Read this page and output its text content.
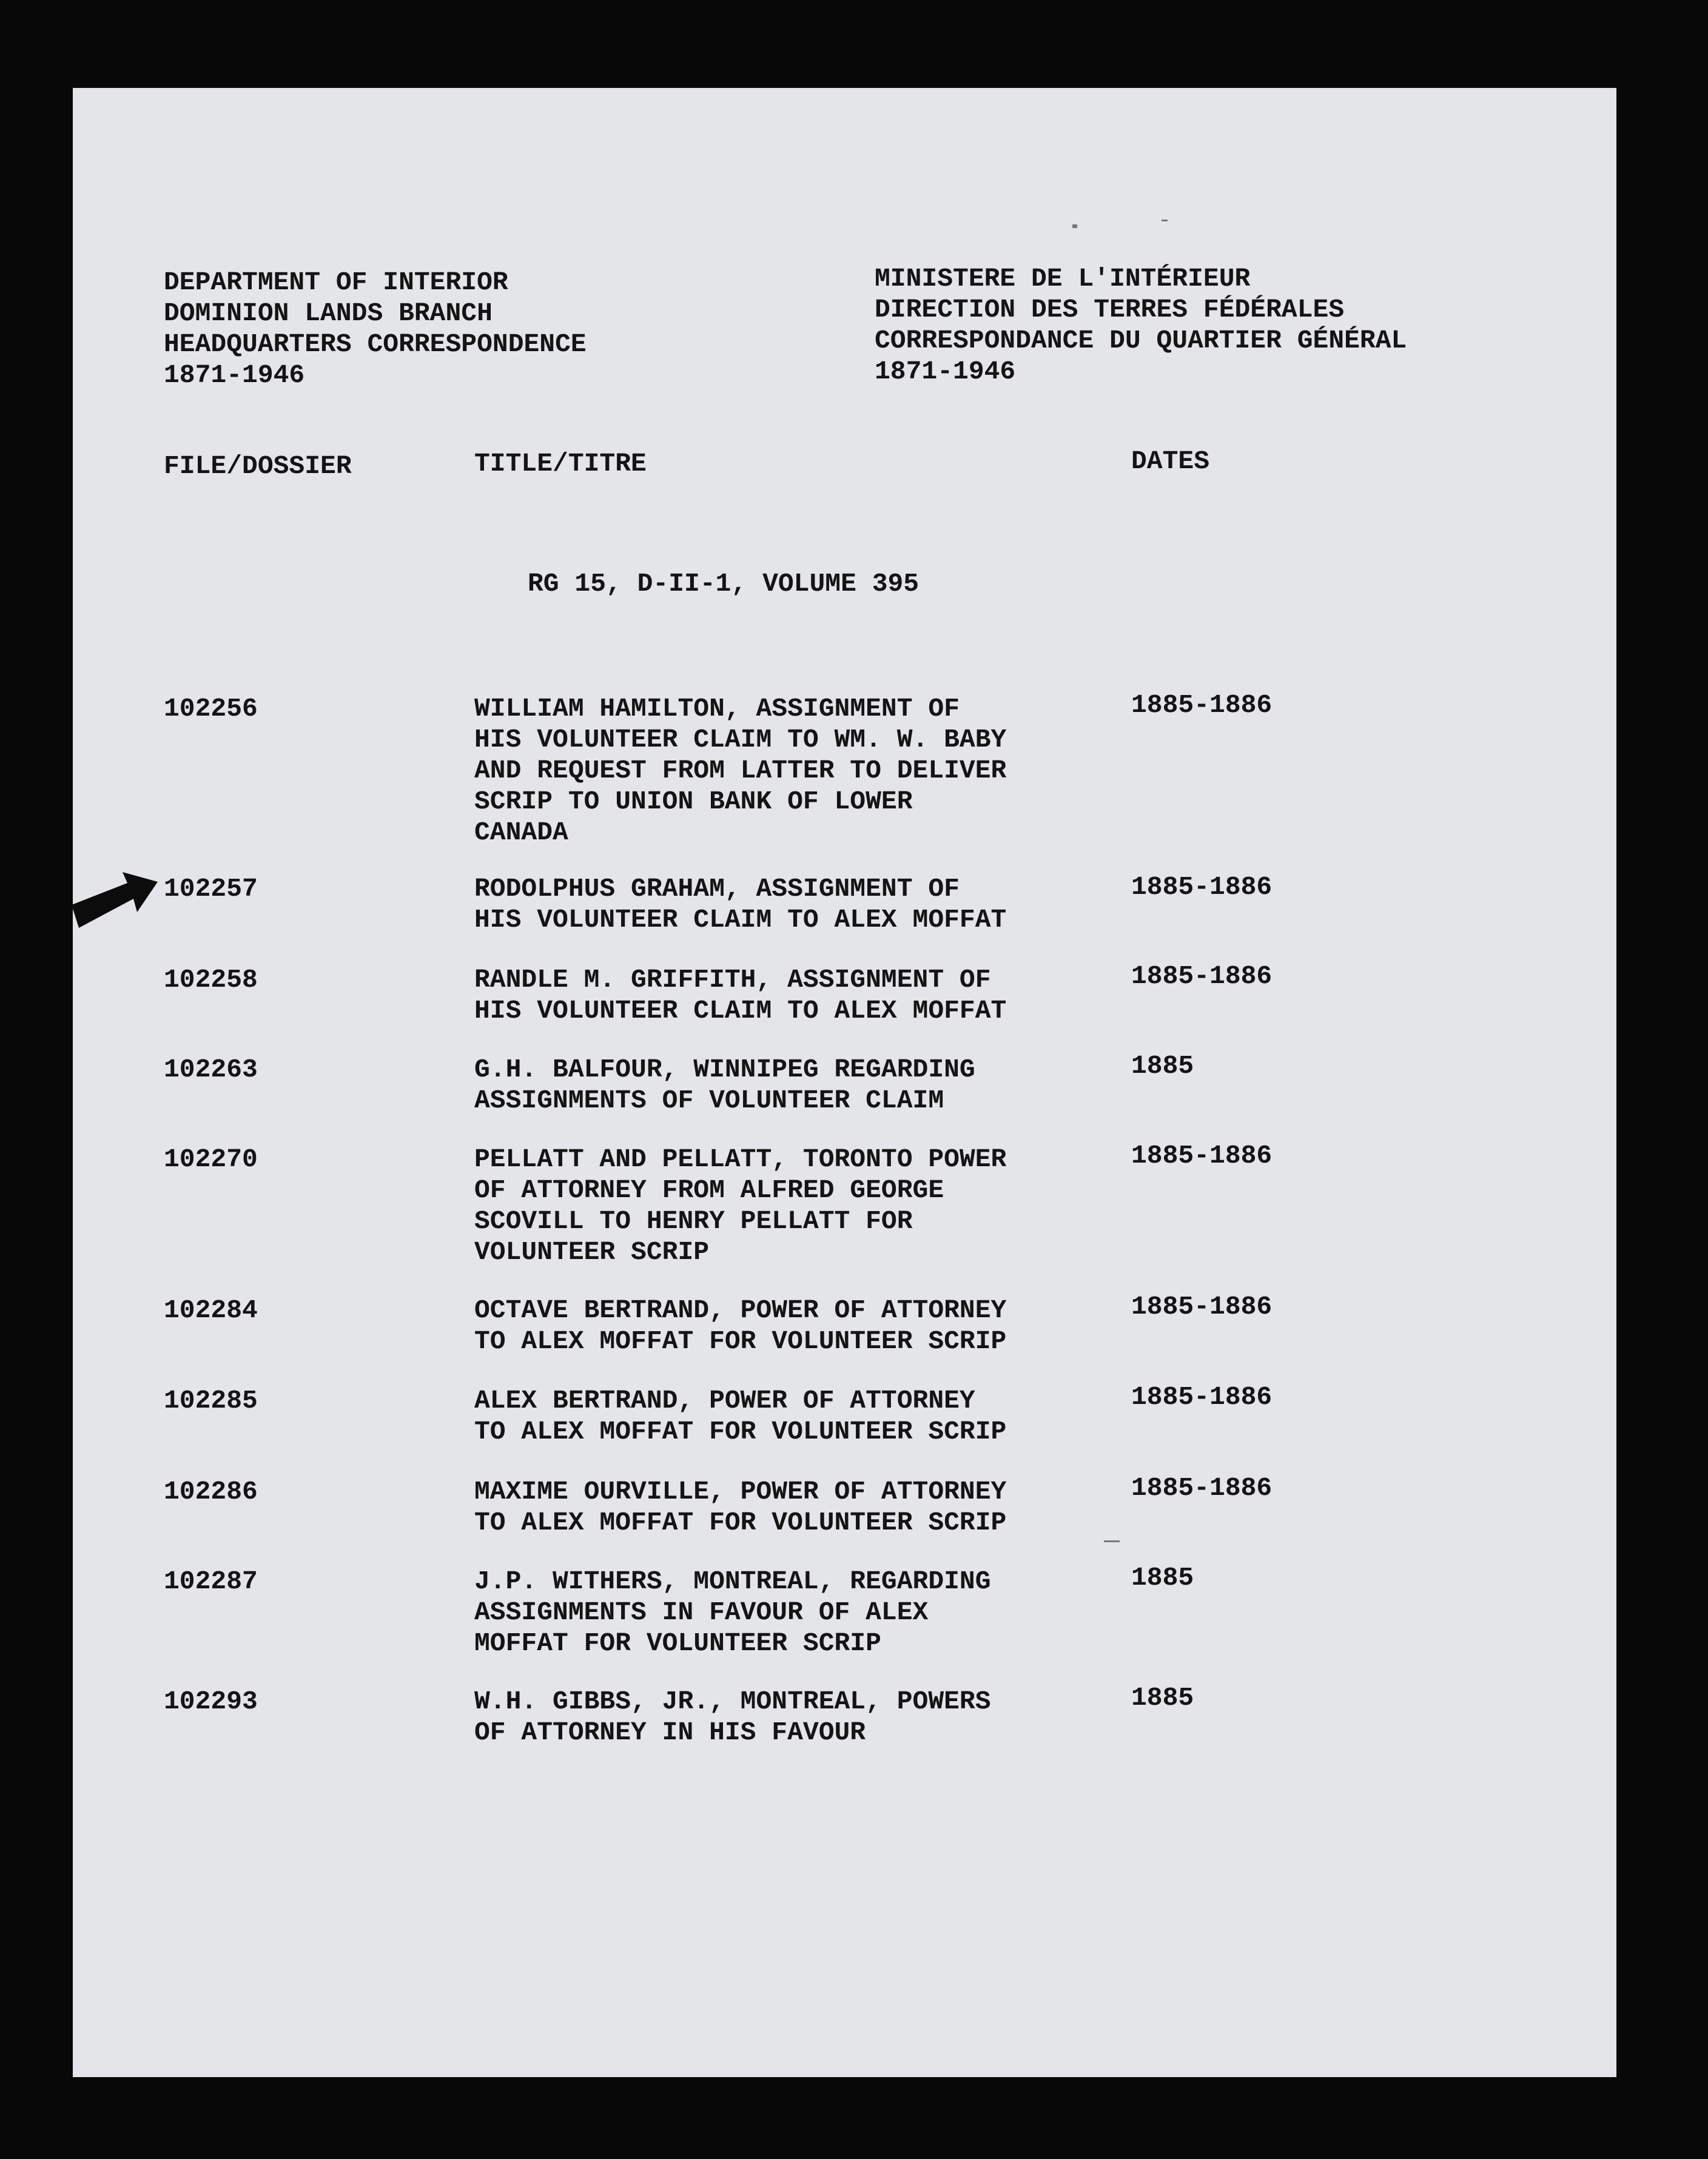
DEPARTMENT OF INTERIOR
DOMINION LANDS BRANCH
HEADQUARTERS CORRESPONDENCE
1871-1946
MINISTERE DE L'INTÉRIEUR
DIRECTION DES TERRES FÉDÉRALES
CORRESPONDANCE DU QUARTIER GÉNÉRAL
1871-1946
FILE/DOSSIER	TITLE/TITRE	DATES
RG 15, D-II-1, VOLUME 395
102256	WILLIAM HAMILTON, ASSIGNMENT OF
HIS VOLUNTEER CLAIM TO WM. W. BABY
AND REQUEST FROM LATTER TO DELIVER
SCRIP TO UNION BANK OF LOWER
CANADA
1885-1886
102257	RODOLPHUS GRAHAM, ASSIGNMENT OF
HIS VOLUNTEER CLAIM TO ALEX MOFFAT
1885-1886
102258	RANDLE M. GRIFFITH, ASSIGNMENT OF
HIS VOLUNTEER CLAIM TO ALEX MOFFAT
1885-1886
102263	G.H. BALFOUR, WINNIPEG REGARDING
ASSIGNMENTS OF VOLUNTEER CLAIM
1885
102270	PELLATT AND PELLATT, TORONTO POWER
OF ATTORNEY FROM ALFRED GEORGE
SCOVILL TO HENRY PELLATT FOR
VOLUNTEER SCRIP
1885-1886
102284	OCTAVE BERTRAND, POWER OF ATTORNEY
TO ALEX MOFFAT FOR VOLUNTEER SCRIP
1885-1886
102285	ALEX BERTRAND, POWER OF ATTORNEY
TO ALEX MOFFAT FOR VOLUNTEER SCRIP
1885-1886
102286	MAXIME OURVILLE, POWER OF ATTORNEY
TO ALEX MOFFAT FOR VOLUNTEER SCRIP
1885-1886
102287	J.P. WITHERS, MONTREAL, REGARDING
ASSIGNMENTS IN FAVOUR OF ALEX
MOFFAT FOR VOLUNTEER SCRIP
1885
102293	W.H. GIBBS, JR., MONTREAL, POWERS
OF ATTORNEY IN HIS FAVOUR
1885
